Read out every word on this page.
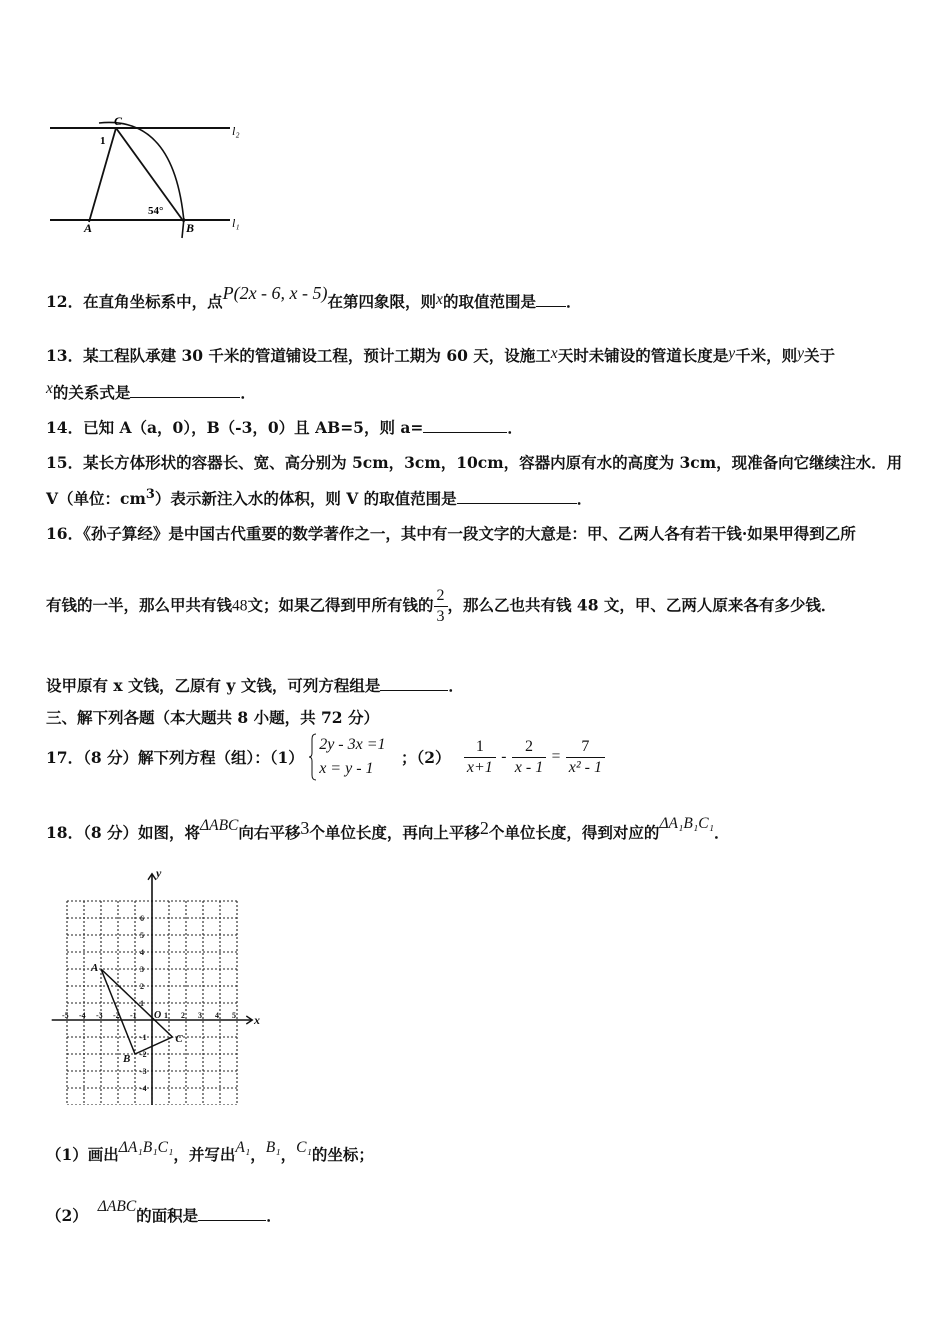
C
1
l₂
l₁
54°
A	B
12．在直角坐标系中，点P(2x - 6, x - 5)在第四象限，则x的取值范围是 ．
13．某工程队承建 30 千米的管道铺设工程，预计工期为 60 天，设施工x天时未铺设的管道长度是y千米，则y关于
x的关系式是	．
14．已知 A（a，0），B（-3，0）且 AB=5，则 a=	．
15．某长方体形状的容器长、宽、高分别为 5cm，3cm，10cm，容器内原有水的高度为 3cm，现准备向它继续注水．用
V（单位：$cm^3$）表示新注入水的体积，则 V 的取值范围是	．
16．《孙子算经》是中国古代重要的数学著作之一，其中有一段文字的大意是：甲、乙两人各有若干钱·如果甲得到乙所
有钱的一半，那么甲共有钱48文；如果乙得到甲所有钱的 $\frac{2}{3}$ ，那么乙也共有钱 48 文，甲、乙两人原来各有多少钱．
设甲原有 x 文钱，乙原有 y 文钱，可列方程组是	．
三、解下列各题（本大题共 8 小题，共 72 分）
17．（8 分）解下列方程（组）：（1）
2y - 3x =1
x = y - 1
；$(2) \frac{1}{x+1} - \frac{2}{x - 1} = \frac{7}{\text{x² - 1}}$
18．（8 分）如图，将ΔABC向右平移3个单位长度，再向上平移2个单位长度，得到对应的ΔA₁B₁C₁．
x
y
O
-5 -4 -3 -2 -1	1 2 3 4 5
6
5
4
3
2
1
-1
-2
-3
-4
A
B
C
（1）画出ΔA₁B₁C₁，并写出A₁，B₁，C₁的坐标；
（2） ΔABC的面积是	．
